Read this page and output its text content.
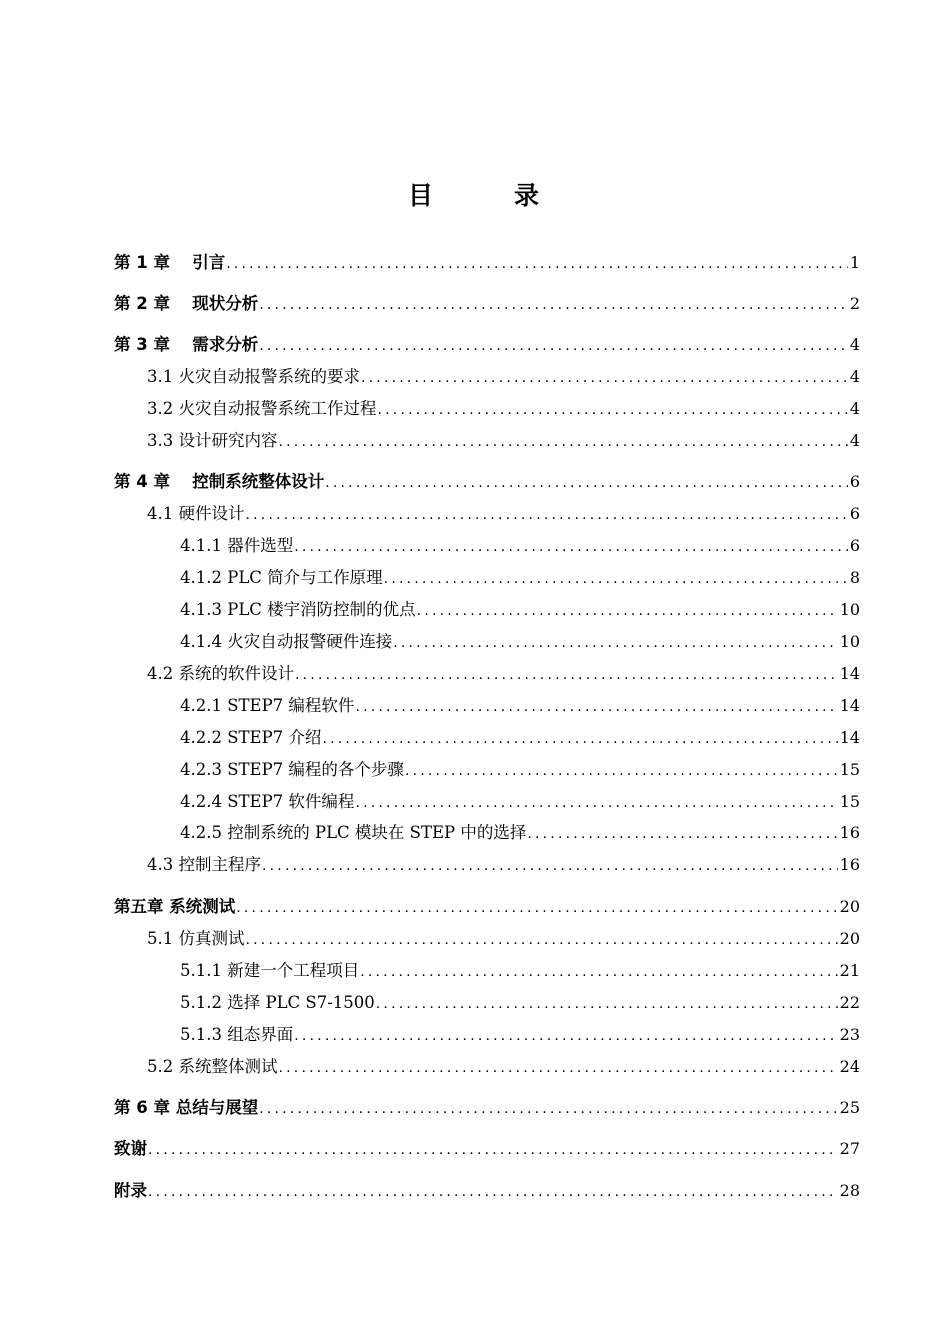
目　录
第 1 章　 引言 .....	1
第 2 章　 现状分析 .....	2
第 3 章　 需求分析 .....	4
3.1 火灾自动报警系统的要求 .....	4
3.2 火灾自动报警系统工作过程 .....	4
3.3 设计研究内容 .....	4
第 4 章　 控制系统整体设计 .....	6
4.1 硬件设计 .....	6
4.1.1 器件选型 .....	6
4.1.2 PLC 简介与工作原理 .....	8
4.1.3 PLC 楼宇消防控制的优点 .....	10
4.1.4 火灾自动报警硬件连接 .....	10
4.2 系统的软件设计 .....	14
4.2.1 STEP7 编程软件 .....	14
4.2.2 STEP7 介绍 .....	14
4.2.3 STEP7 编程的各个步骤 .....	15
4.2.4 STEP7 软件编程 .....	15
4.2.5 控制系统的 PLC 模块在 STEP 中的选择 .....	16
4.3 控制主程序 .....	16
第五章 系统测试 .....	20
5.1 仿真测试 .....	20
5.1.1 新建一个工程项目 .....	21
5.1.2 选择 PLC S7-1500 .....	22
5.1.3 组态界面 .....	23
5.2 系统整体测试 .....	24
第 6 章 总结与展望 .....	25
致谢 .....	27
附录 .....	28
